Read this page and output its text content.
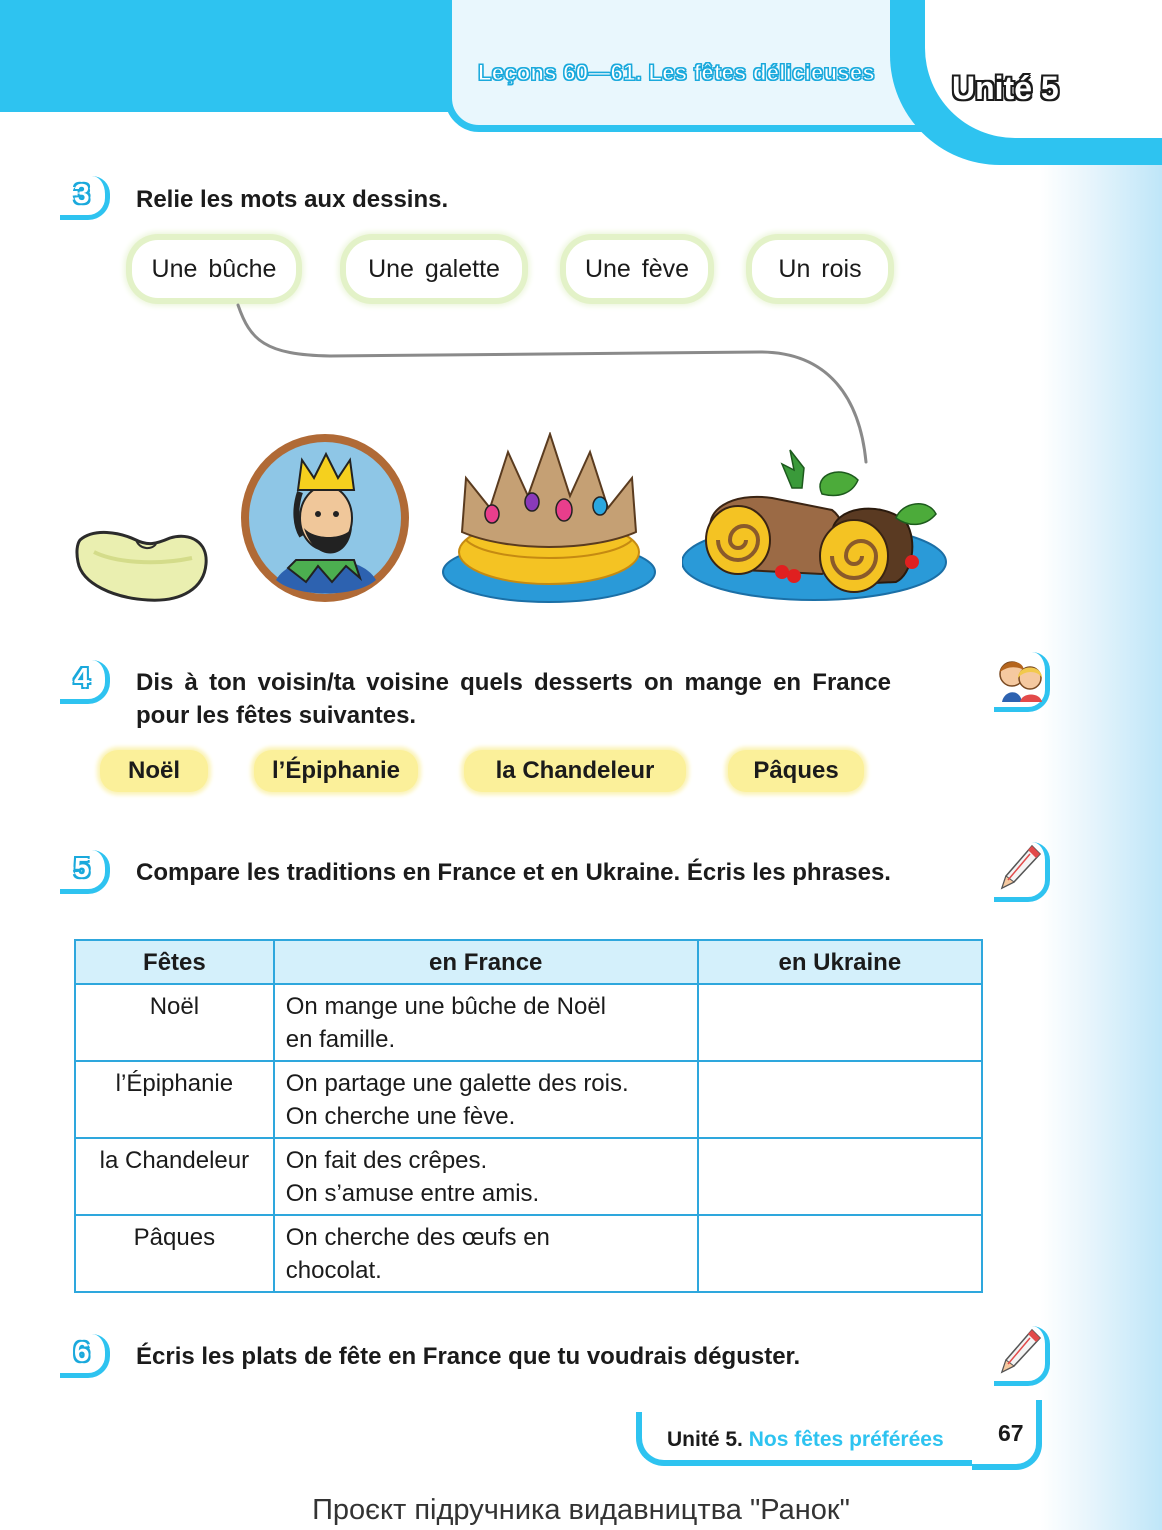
Leçons 60—61. Les fêtes délicieuses Unité 5
3 Relie les mots aux dessins.
Une bûche	Une galette	Une fève	Un rois
4 Dis à ton voisin/ta voisine quels desserts on mange en France pour les fêtes suivantes.
Noël	l’Épiphanie	la Chandeleur	Pâques
5 Compare les traditions en France et en Ukraine. Écris les phrases.
Fêtes	en France	en Ukraine
Noël	On mange une bûche de Noël
en famille.	

l’Épiphanie	On partage une galette des rois.
On cherche une fève.	

la Chandeleur	On fait des crêpes.
On s’amuse entre amis.	

Pâques	On cherche des œufs en
chocolat.	

6 Écris les plats de fête en France que tu voudrais déguster.
Unité 5. Nos fêtes préférées 67
Проєкт підручника видавництва "Ранок"
